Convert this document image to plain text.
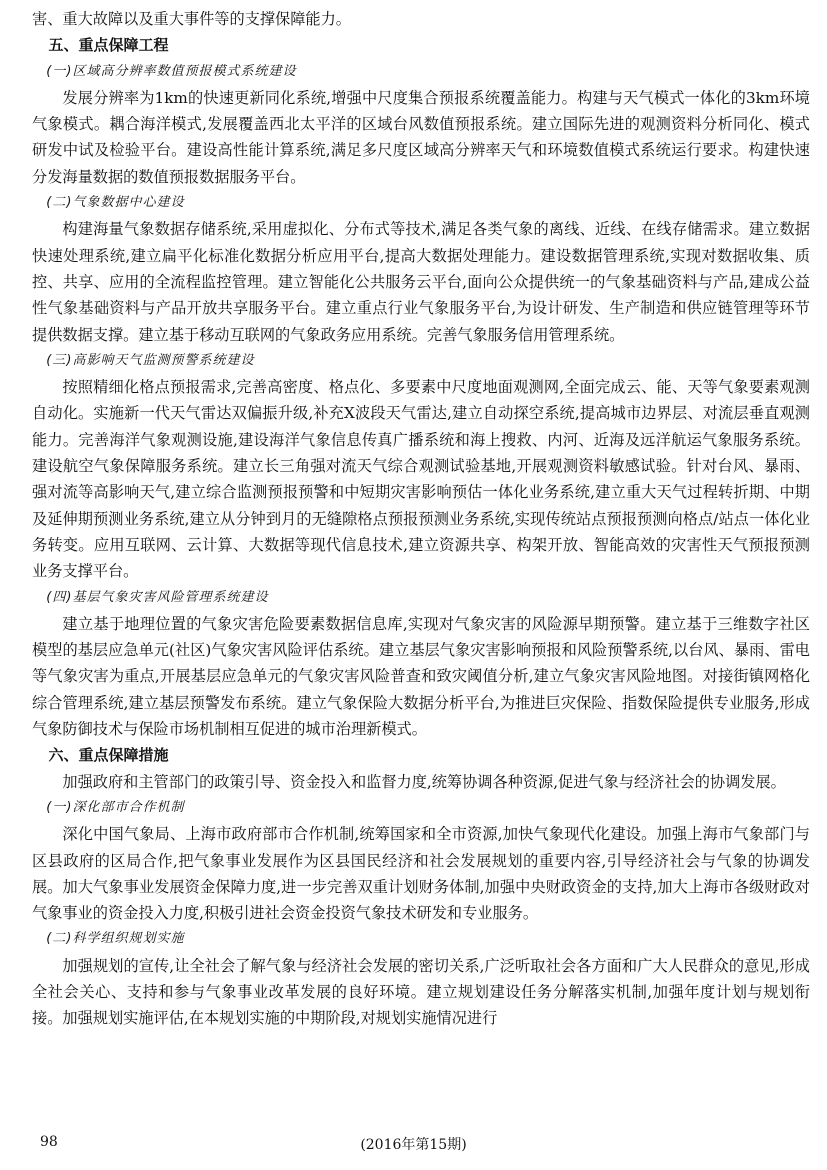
害、重大故障以及重大事件等的支撑保障能力。

五、重点保障工程

(一)区域高分辨率数值预报模式系统建设

发展分辨率为1km的快速更新同化系统,增强中尺度集合预报系统覆盖能力。构建与天气模式一体化的3km环境气象模式。耦合海洋模式,发展覆盖西北太平洋的区域台风数值预报系统。建立国际先进的观测资料分析同化、模式研发中试及检验平台。建设高性能计算系统,满足多尺度区域高分辨率天气和环境数值模式系统运行要求。构建快速分发海量数据的数值预报数据服务平台。

(二)气象数据中心建设

构建海量气象数据存储系统,采用虚拟化、分布式等技术,满足各类气象的离线、近线、在线存储需求。建立数据快速处理系统,建立扁平化标准化数据分析应用平台,提高大数据处理能力。建设数据管理系统,实现对数据收集、质控、共享、应用的全流程监控管理。建立智能化公共服务云平台,面向公众提供统一的气象基础资料与产品,建成公益性气象基础资料与产品开放共享服务平台。建立重点行业气象服务平台,为设计研发、生产制造和供应链管理等环节提供数据支撑。建立基于移动互联网的气象政务应用系统。完善气象服务信用管理系统。

(三)高影响天气监测预警系统建设

按照精细化格点预报需求,完善高密度、格点化、多要素中尺度地面观测网,全面完成云、能、天等气象要素观测自动化。实施新一代天气雷达双偏振升级,补充X波段天气雷达,建立自动探空系统,提高城市边界层、对流层垂直观测能力。完善海洋气象观测设施,建设海洋气象信息传真广播系统和海上搜救、内河、近海及远洋航运气象服务系统。建设航空气象保障服务系统。建立长三角强对流天气综合观测试验基地,开展观测资料敏感试验。针对台风、暴雨、强对流等高影响天气,建立综合监测预报预警和中短期灾害影响预估一体化业务系统,建立重大天气过程转折期、中期及延伸期预测业务系统,建立从分钟到月的无缝隙格点预报预测业务系统,实现传统站点预报预测向格点/站点一体化业务转变。应用互联网、云计算、大数据等现代信息技术,建立资源共享、构架开放、智能高效的灾害性天气预报预测业务支撑平台。

(四)基层气象灾害风险管理系统建设

建立基于地理位置的气象灾害危险要素数据信息库,实现对气象灾害的风险源早期预警。建立基于三维数字社区模型的基层应急单元(社区)气象灾害风险评估系统。建立基层气象灾害影响预报和风险预警系统,以台风、暴雨、雷电等气象灾害为重点,开展基层应急单元的气象灾害风险普查和致灾阈值分析,建立气象灾害风险地图。对接街镇网格化综合管理系统,建立基层预警发布系统。建立气象保险大数据分析平台,为推进巨灾保险、指数保险提供专业服务,形成气象防御技术与保险市场机制相互促进的城市治理新模式。

六、重点保障措施

加强政府和主管部门的政策引导、资金投入和监督力度,统筹协调各种资源,促进气象与经济社会的协调发展。

(一)深化部市合作机制

深化中国气象局、上海市政府部市合作机制,统筹国家和全市资源,加快气象现代化建设。加强上海市气象部门与区县政府的区局合作,把气象事业发展作为区县国民经济和社会发展规划的重要内容,引导经济社会与气象的协调发展。加大气象事业发展资金保障力度,进一步完善双重计划财务体制,加强中央财政资金的支持,加大上海市各级财政对气象事业的资金投入力度,积极引进社会资金投资气象技术研发和专业服务。

(二)科学组织规划实施

加强规划的宣传,让全社会了解气象与经济社会发展的密切关系,广泛听取社会各方面和广大人民群众的意见,形成全社会关心、支持和参与气象事业改革发展的良好环境。建立规划建设任务分解落实机制,加强年度计划与规划衔接。加强规划实施评估,在本规划实施的中期阶段,对规划实施情况进行

98	(2016年第15期)
